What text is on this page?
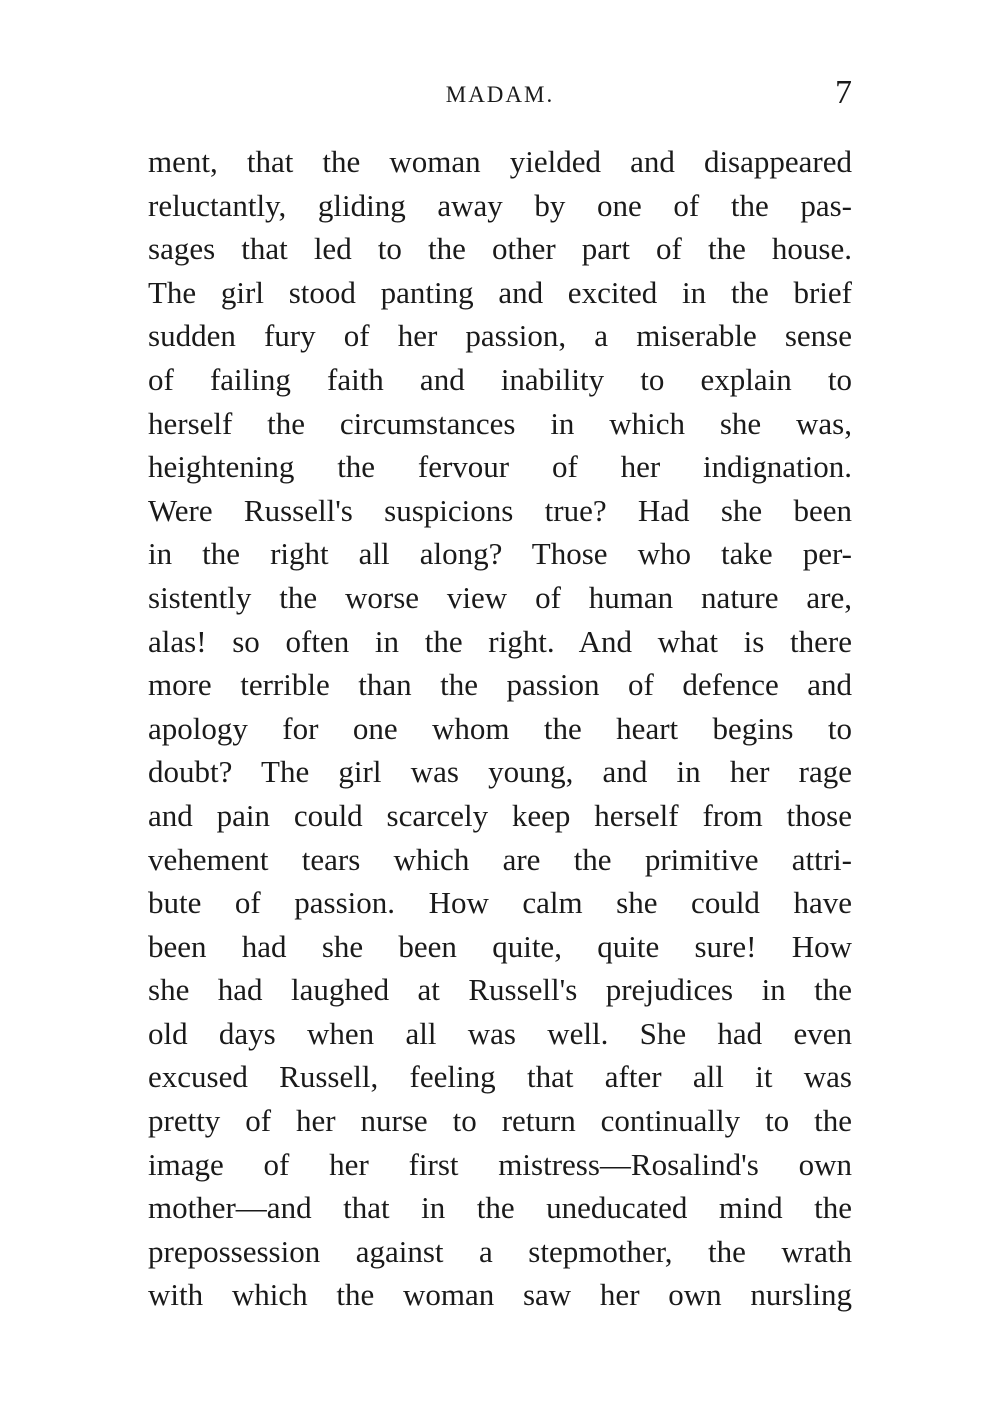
MADAM.	7
ment, that the woman yielded and disappeared
reluctantly, gliding away by one of the pas-
sages that led to the other part of the house.
The girl stood panting and excited in the brief
sudden fury of her passion, a miserable sense
of failing faith and inability to explain to
herself the circumstances in which she was,
heightening the fervour of her indignation.
Were Russell's suspicions true? Had she been
in the right all along? Those who take per-
sistently the worse view of human nature are,
alas! so often in the right. And what is there
more terrible than the passion of defence and
apology for one whom the heart begins to
doubt? The girl was young, and in her rage
and pain could scarcely keep herself from those
vehement tears which are the primitive attri-
bute of passion. How calm she could have
been had she been quite, quite sure! How
she had laughed at Russell's prejudices in the
old days when all was well. She had even
excused Russell, feeling that after all it was
pretty of her nurse to return continually to the
image of her first mistress—Rosalind's own
mother—and that in the uneducated mind the
prepossession against a stepmother, the wrath
with which the woman saw her own nursling
